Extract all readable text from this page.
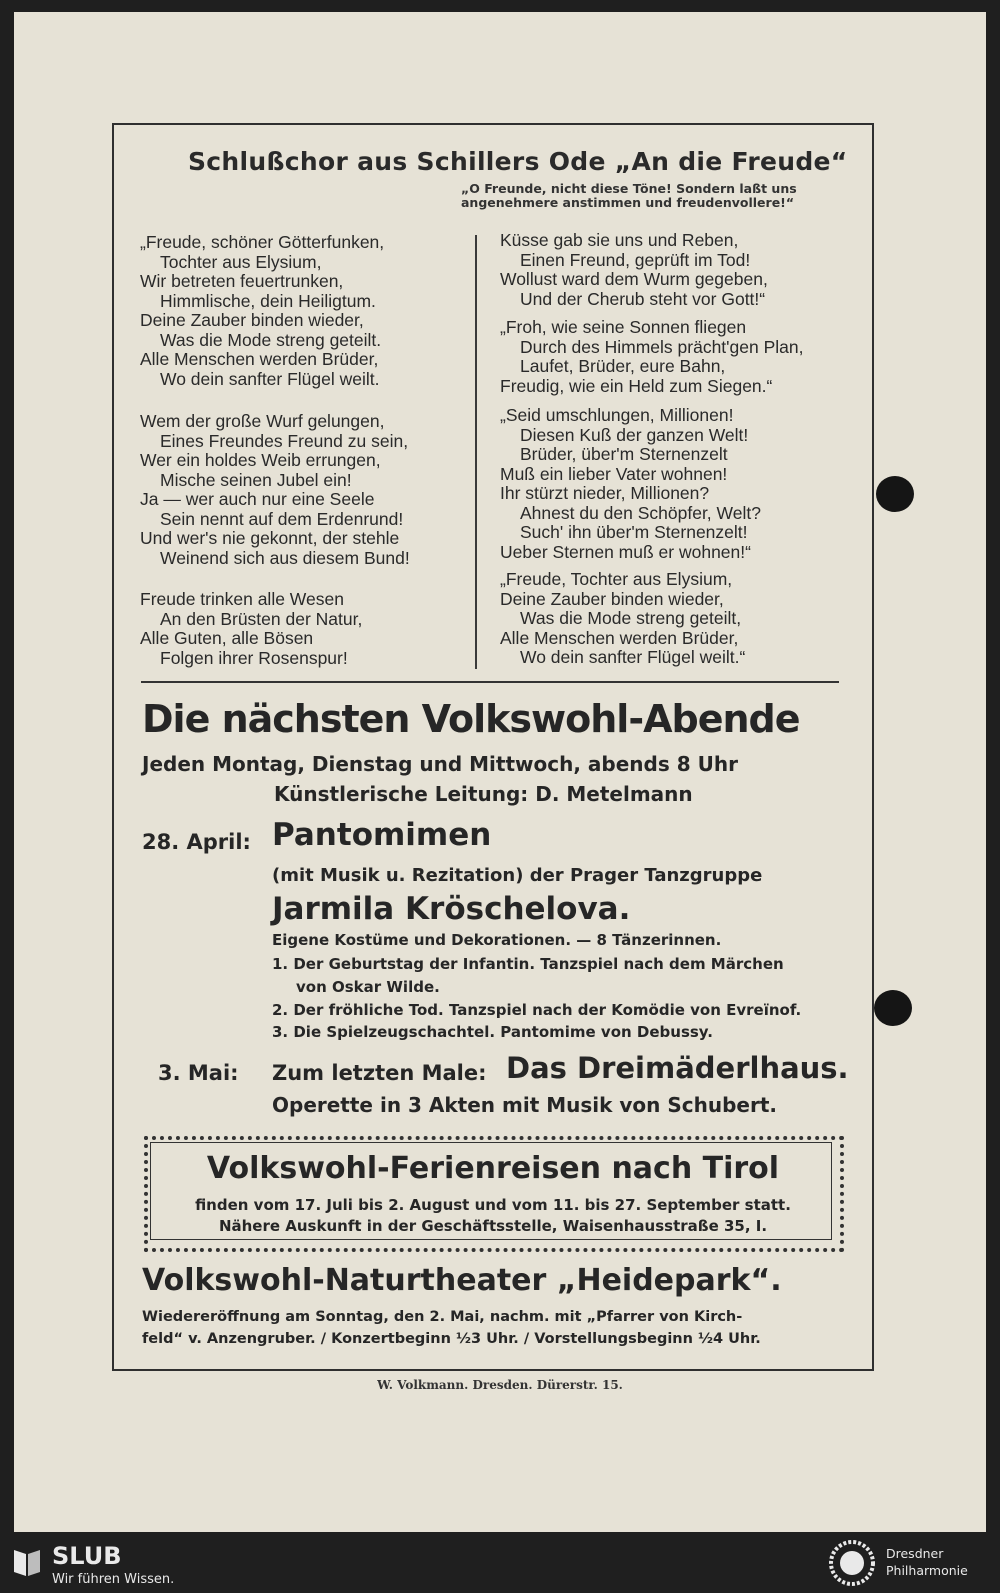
Schlußchor aus Schillers Ode „An die Freude“
„O Freunde, nicht diese Töne! Sondern laßt uns
angenehmere anstimmen und freudenvollere!“
„Freude, schöner Götterfunken,
Tochter aus Elysium,
Wir betreten feuertrunken,
Himmlische, dein Heiligtum.
Deine Zauber binden wieder,
Was die Mode streng geteilt.
Alle Menschen werden Brüder,
Wo dein sanfter Flügel weilt.
Wem der große Wurf gelungen,
Eines Freundes Freund zu sein,
Wer ein holdes Weib errungen,
Mische seinen Jubel ein!
Ja — wer auch nur eine Seele
Sein nennt auf dem Erdenrund!
Und wer's nie gekonnt, der stehle
Weinend sich aus diesem Bund!
Freude trinken alle Wesen
An den Brüsten der Natur,
Alle Guten, alle Bösen
Folgen ihrer Rosenspur!
Küsse gab sie uns und Reben,
Einen Freund, geprüft im Tod!
Wollust ward dem Wurm gegeben,
Und der Cherub steht vor Gott!“
„Froh, wie seine Sonnen fliegen
Durch des Himmels prächt'gen Plan,
Laufet, Brüder, eure Bahn,
Freudig, wie ein Held zum Siegen.“
„Seid umschlungen, Millionen!
Diesen Kuß der ganzen Welt!
Brüder, über'm Sternenzelt
Muß ein lieber Vater wohnen!
Ihr stürzt nieder, Millionen?
Ahnest du den Schöpfer, Welt?
Such' ihn über'm Sternenzelt!
Ueber Sternen muß er wohnen!“
„Freude, Tochter aus Elysium,
Deine Zauber binden wieder,
Was die Mode streng geteilt,
Alle Menschen werden Brüder,
Wo dein sanfter Flügel weilt.“
Die nächsten Volkswohl-Abende
Jeden Montag, Dienstag und Mittwoch, abends 8 Uhr
Künstlerische Leitung: D. Metelmann
28. April: Pantomimen
(mit Musik u. Rezitation) der Prager Tanzgruppe
Jarmila Kröschelova.
Eigene Kostüme und Dekorationen. — 8 Tänzerinnen.
1. Der Geburtstag der Infantin. Tanzspiel nach dem Märchen
von Oskar Wilde.
2. Der fröhliche Tod. Tanzspiel nach der Komödie von Evreïnof.
3. Die Spielzeugschachtel. Pantomime von Debussy.
3. Mai: Zum letzten Male: Das Dreimäderlhaus.
Operette in 3 Akten mit Musik von Schubert.
Volkswohl-Ferienreisen nach Tirol
finden vom 17. Juli bis 2. August und vom 11. bis 27. September statt.
Nähere Auskunft in der Geschäftsstelle, Waisenhausstraße 35, I.
Volkswohl-Naturtheater „Heidepark“.
Wiedereröffnung am Sonntag, den 2. Mai, nachm. mit „Pfarrer von Kirch-
feld“ v. Anzengruber. / Konzertbeginn ½3 Uhr. / Vorstellungsbeginn ½4 Uhr.
W. Volkmann. Dresden. Dürerstr. 15.
SLUB
Wir führen Wissen.
Dresdner
Philharmonie
